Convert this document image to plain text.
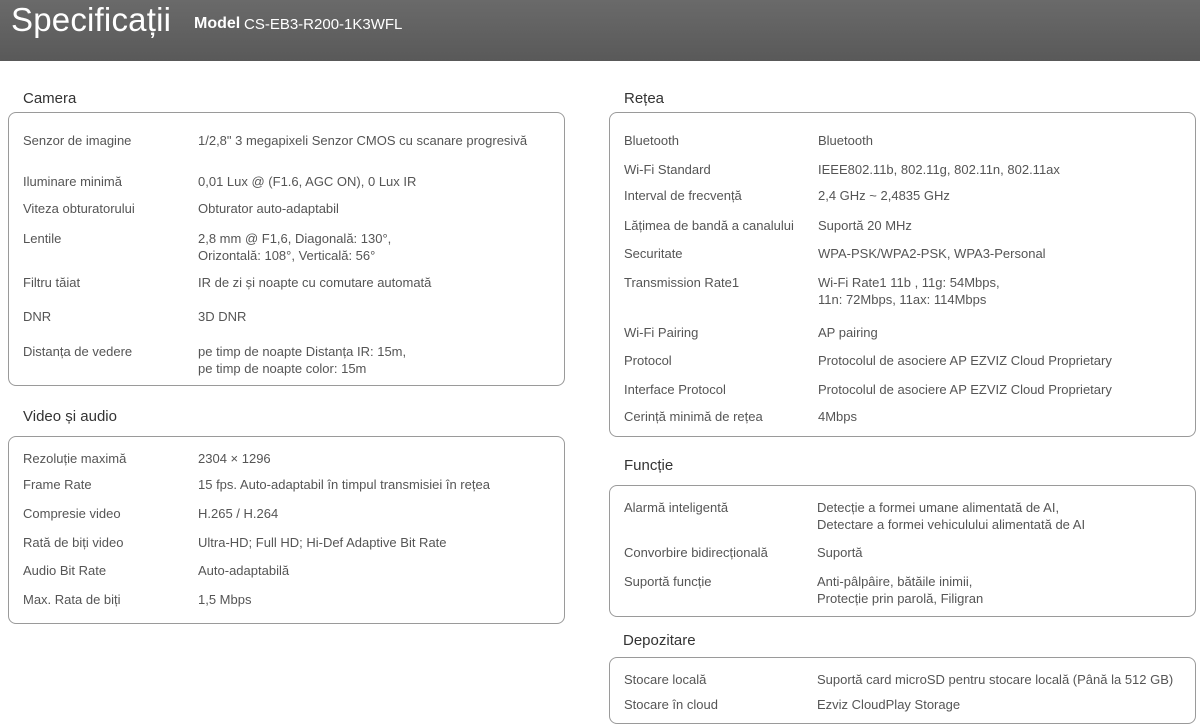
Specificații Model CS-EB3-R200-1K3WFL
Camera
Senzor de imagine	1/2,8" 3 megapixeli Senzor CMOS cu scanare progresivă
Iluminare minimă	0,01 Lux @ (F1.6, AGC ON), 0 Lux IR
Viteza obturatorului	Obturator auto-adaptabil
Lentile	2,8 mm @ F1,6, Diagonală: 130°,
Orizontală: 108°, Verticală: 56°
Filtru tăiat	IR de zi și noapte cu comutare automată
DNR	3D DNR
Distanța de vedere	pe timp de noapte Distanța IR: 15m,
pe timp de noapte color: 15m
Video și audio
Rezoluție maximă	2304 × 1296
Frame Rate	15 fps. Auto-adaptabil în timpul transmisiei în rețea
Compresie video	H.265 / H.264
Rată de biți video	Ultra-HD; Full HD; Hi-Def Adaptive Bit Rate
Audio Bit Rate	Auto-adaptabilă
Max. Rata de biți	1,5 Mbps
Rețea
Bluetooth	Bluetooth
Wi-Fi Standard	IEEE802.11b, 802.11g, 802.11n, 802.11ax
Interval de frecvență	2,4 GHz ~ 2,4835 GHz
Lățimea de bandă a canalului Suportă 20 MHz
Securitate	WPA-PSK/WPA2-PSK, WPA3-Personal
Transmission Rate1	Wi-Fi Rate1 11b , 11g: 54Mbps,
11n: 72Mbps, 11ax: 114Mbps
Wi-Fi Pairing	AP pairing
Protocol	Protocolul de asociere AP EZVIZ Cloud Proprietary
Interface Protocol	Protocolul de asociere AP EZVIZ Cloud Proprietary
Cerință minimă de rețea	4Mbps
Funcție
Alarmă inteligentă	Detecție a formei umane alimentată de AI,
Detectare a formei vehiculului alimentată de AI
Convorbire bidirecțională	Suportă
Suportă funcție	Anti-pâlpâire, bătăile inimii,
Protecție prin parolă, Filigran
Depozitare
Stocare locală	Suportă card microSD pentru stocare locală (Până la 512 GB)
Stocare în cloud	Ezviz CloudPlay Storage
